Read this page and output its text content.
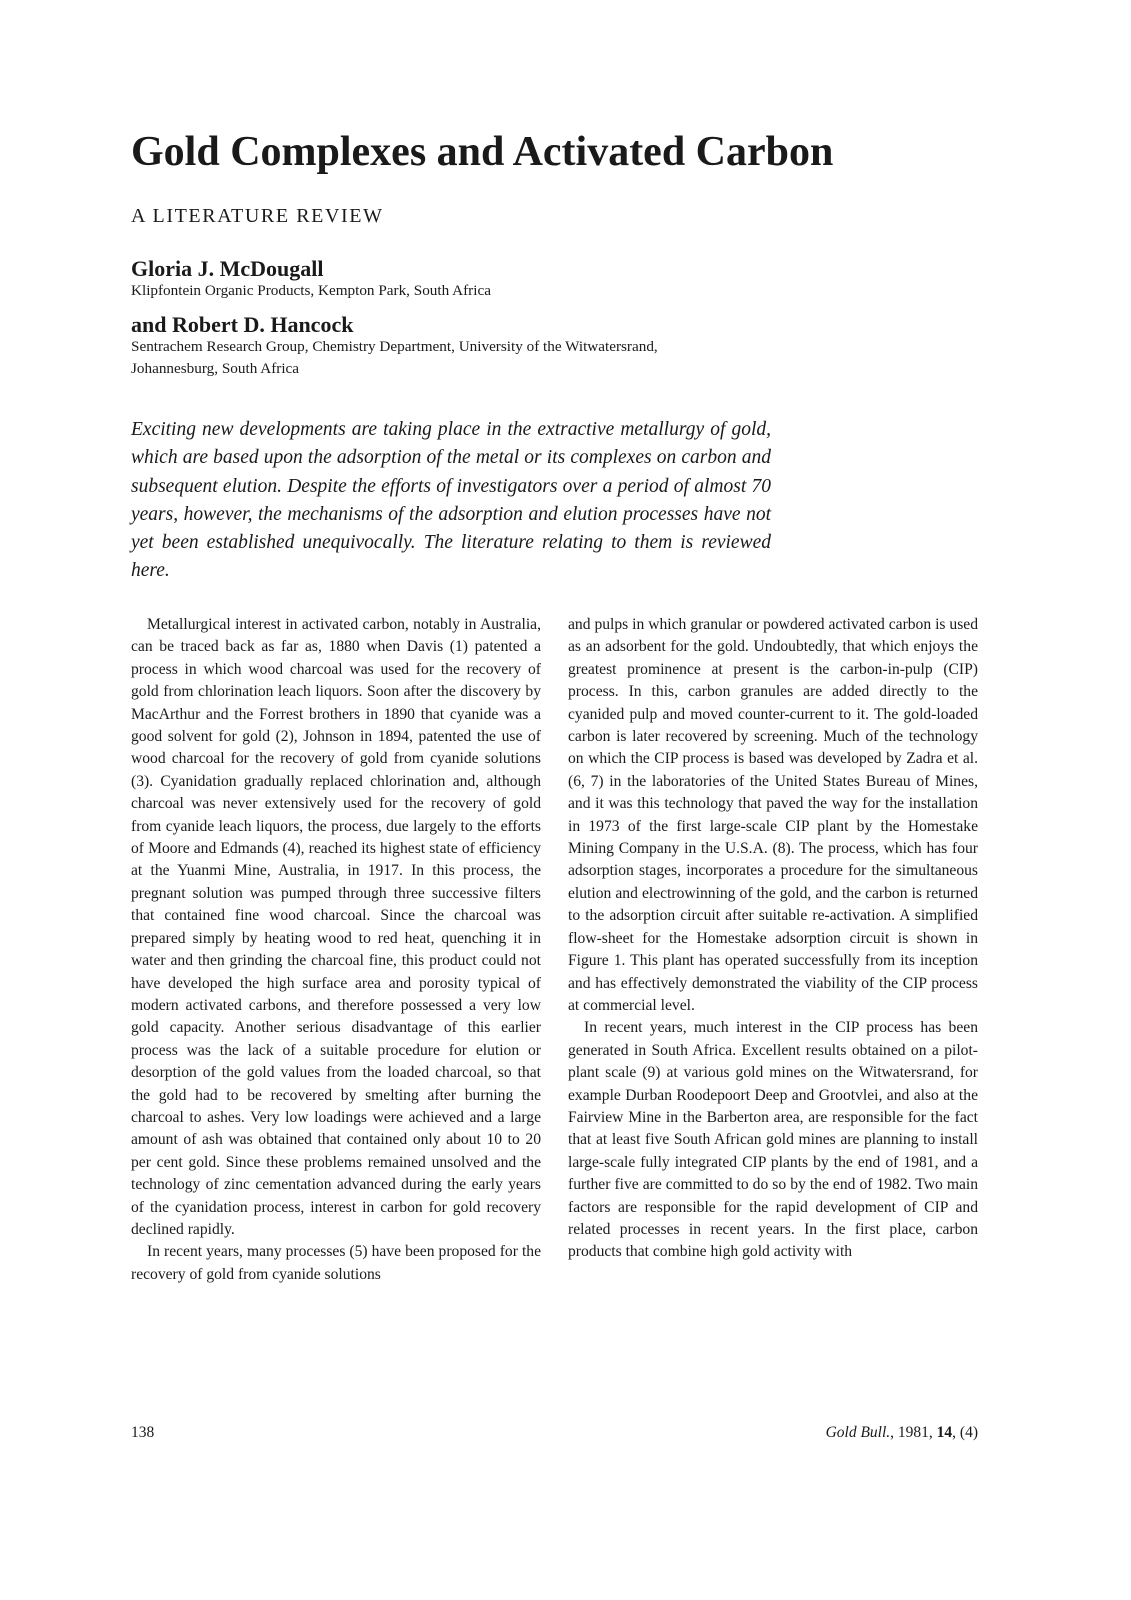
Gold Complexes and Activated Carbon
A LITERATURE REVIEW
Gloria J. McDougall
Klipfontein Organic Products, Kempton Park, South Africa
and Robert D. Hancock
Sentrachem Research Group, Chemistry Department, University of the Witwatersrand,
Johannesburg, South Africa

Exciting new developments are taking place in the extractive metallurgy of gold, which are based upon the adsorption of the metal or its complexes on carbon and subsequent elution. Despite the efforts of investigators over a period of almost 70 years, however, the mechanisms of the adsorption and elution processes have not yet been established unequivocally. The literature relating to them is reviewed here.

Metallurgical interest in activated carbon, notably in Australia, can be traced back as far as, 1880 when Davis (1) patented a process in which wood charcoal was used for the recovery of gold from chlorination leach liquors. Soon after the discovery by MacArthur and the Forrest brothers in 1890 that cyanide was a good solvent for gold (2), Johnson in 1894, patented the use of wood charcoal for the recovery of gold from cyanide solutions (3). Cyanidation gradually replaced chlorination and, although charcoal was never extensively used for the recovery of gold from cyanide leach liquors, the process, due largely to the efforts of Moore and Edmands (4), reached its highest state of efficiency at the Yuanmi Mine, Australia, in 1917. In this process, the pregnant solution was pumped through three successive filters that contained fine wood charcoal. Since the charcoal was prepared simply by heating wood to red heat, quenching it in water and then grinding the charcoal fine, this product could not have developed the high surface area and porosity typical of modern activated carbons, and therefore possessed a very low gold capacity. Another serious disadvantage of this earlier process was the lack of a suitable procedure for elution or desorption of the gold values from the loaded charcoal, so that the gold had to be recovered by smelting after burning the charcoal to ashes. Very low loadings were achieved and a large amount of ash was obtained that contained only about 10 to 20 per cent gold. Since these problems remained unsolved and the technology of zinc cementation advanced during the early years of the cyanidation process, interest in carbon for gold recovery declined rapidly.

In recent years, many processes (5) have been proposed for the recovery of gold from cyanide solutions

and pulps in which granular or powdered activated carbon is used as an adsorbent for the gold. Undoubtedly, that which enjoys the greatest prominence at present is the carbon-in-pulp (CIP) process. In this, carbon granules are added directly to the cyanided pulp and moved counter-current to it. The gold-loaded carbon is later recovered by screening. Much of the technology on which the CIP process is based was developed by Zadra et al. (6, 7) in the laboratories of the United States Bureau of Mines, and it was this technology that paved the way for the installation in 1973 of the first large-scale CIP plant by the Homestake Mining Company in the U.S.A. (8). The process, which has four adsorption stages, incorporates a procedure for the simultaneous elution and electrowinning of the gold, and the carbon is returned to the adsorption circuit after suitable re-activation. A simplified flow-sheet for the Homestake adsorption circuit is shown in Figure 1. This plant has operated successfully from its inception and has effectively demonstrated the viability of the CIP process at commercial level.

In recent years, much interest in the CIP process has been generated in South Africa. Excellent results obtained on a pilot-plant scale (9) at various gold mines on the Witwatersrand, for example Durban Roodepoort Deep and Grootvlei, and also at the Fairview Mine in the Barberton area, are responsible for the fact that at least five South African gold mines are planning to install large-scale fully integrated CIP plants by the end of 1981, and a further five are committed to do so by the end of 1982. Two main factors are responsible for the rapid development of CIP and related processes in recent years. In the first place, carbon products that combine high gold activity with

138	Gold Bull., 1981, 14, (4)
